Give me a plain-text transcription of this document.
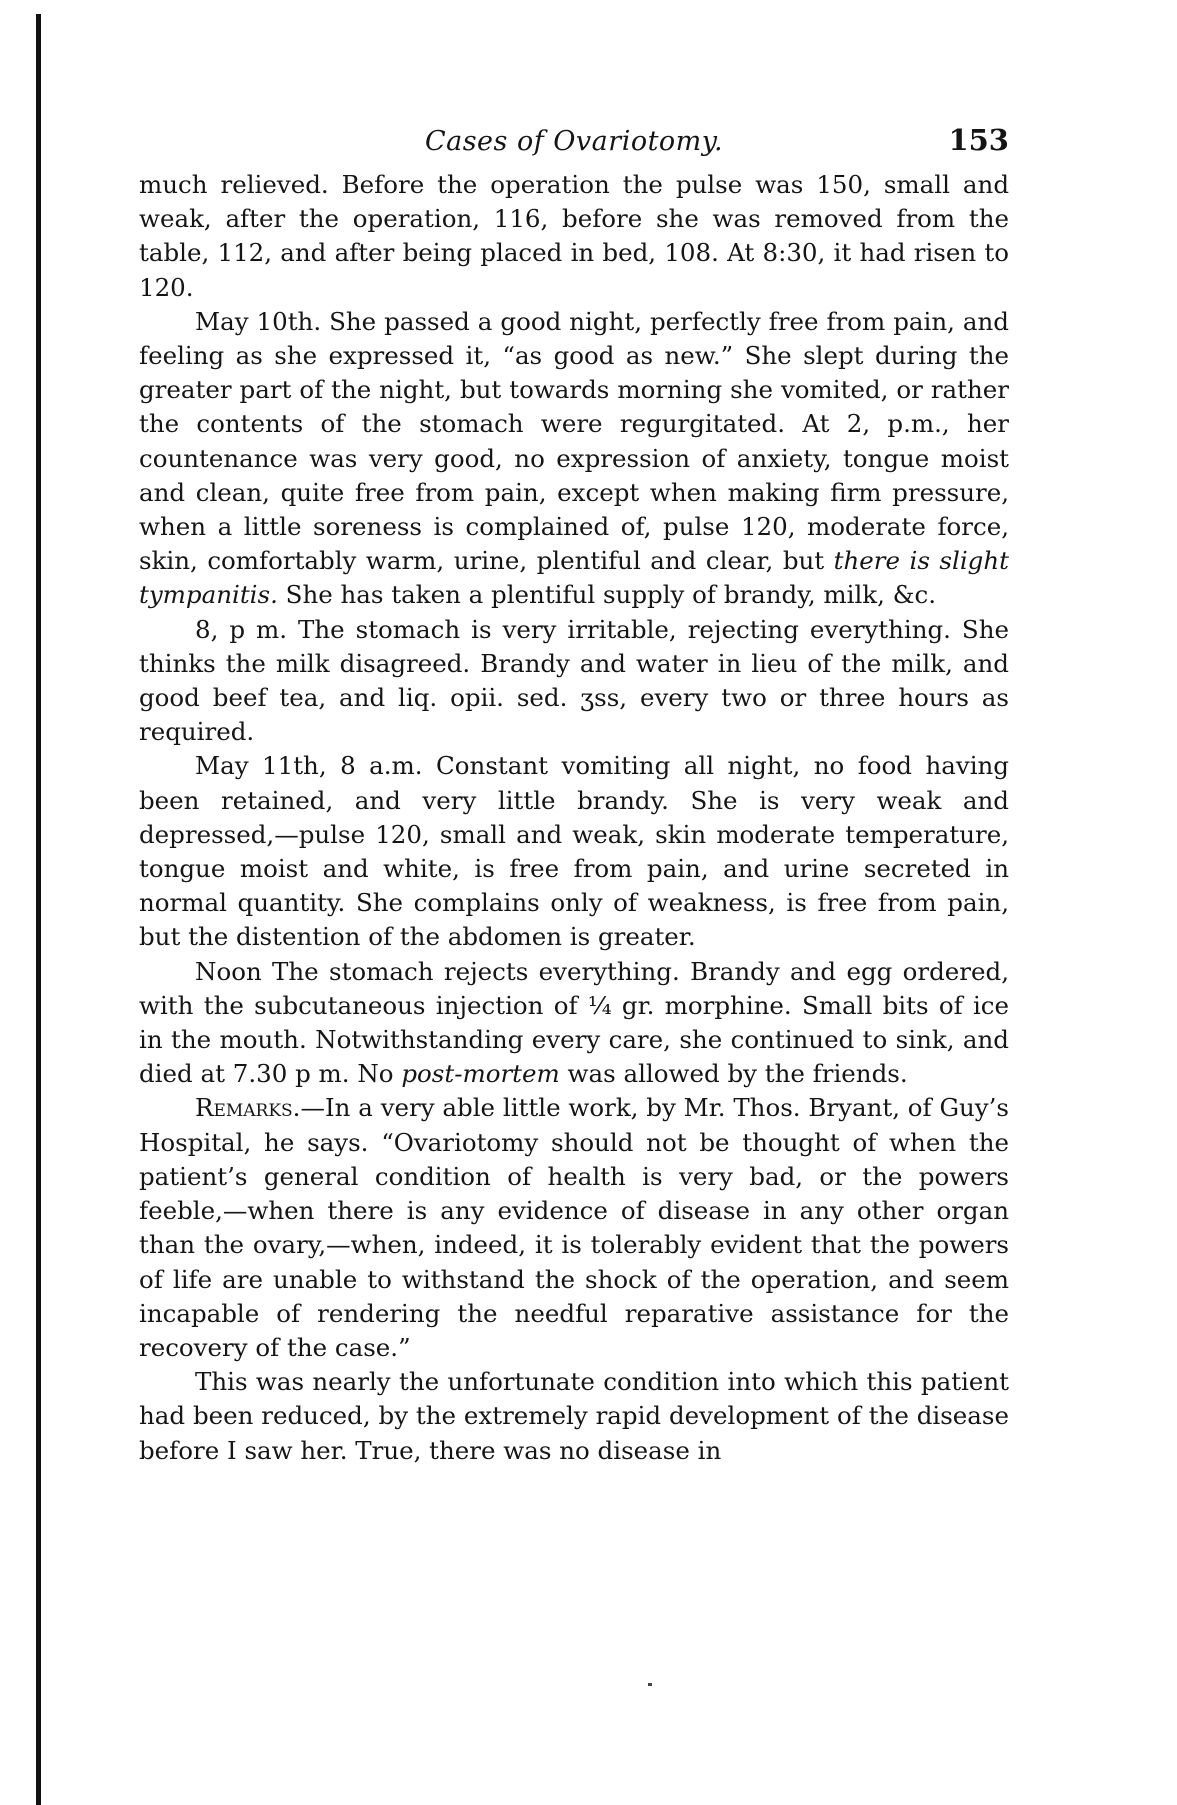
Cases of Ovariotomy.	153

much relieved. Before the operation the pulse was 150, small and weak, after the operation, 116, before she was removed from the table, 112, and after being placed in bed, 108. At 8:30, it had risen to 120.

May 10th. She passed a good night, perfectly free from pain, and feeling as she expressed it, “as good as new.” She slept during the greater part of the night, but towards morning she vomited, or rather the contents of the stomach were regurgitated. At 2, p.m., her countenance was very good, no expression of anxiety, tongue moist and clean, quite free from pain, except when making firm pressure, when a little soreness is complained of, pulse 120, moderate force, skin, comfortably warm, urine, plentiful and clear, but there is slight tympanitis. She has taken a plentiful supply of brandy, milk, &c.

8, p m. The stomach is very irritable, rejecting everything. She thinks the milk disagreed. Brandy and water in lieu of the milk, and good beef tea, and liq. opii. sed. ʒss, every two or three hours as required.

May 11th, 8 a.m. Constant vomiting all night, no food having been retained, and very little brandy. She is very weak and depressed,—pulse 120, small and weak, skin moderate temperature, tongue moist and white, is free from pain, and urine secreted in normal quantity. She complains only of weakness, is free from pain, but the distention of the abdomen is greater.

Noon The stomach rejects everything. Brandy and egg ordered, with the subcutaneous injection of ¼ gr. morphine. Small bits of ice in the mouth. Notwithstanding every care, she continued to sink, and died at 7.30 p m. No post-mortem was allowed by the friends.

Remarks.—In a very able little work, by Mr. Thos. Bryant, of Guy’s Hospital, he says. “Ovariotomy should not be thought of when the patient’s general condition of health is very bad, or the powers feeble,—when there is any evidence of disease in any other organ than the ovary,—when, indeed, it is tolerably evident that the powers of life are unable to withstand the shock of the operation, and seem incapable of rendering the needful reparative assistance for the recovery of the case.”

This was nearly the unfortunate condition into which this patient had been reduced, by the extremely rapid development of the disease before I saw her. True, there was no disease in
